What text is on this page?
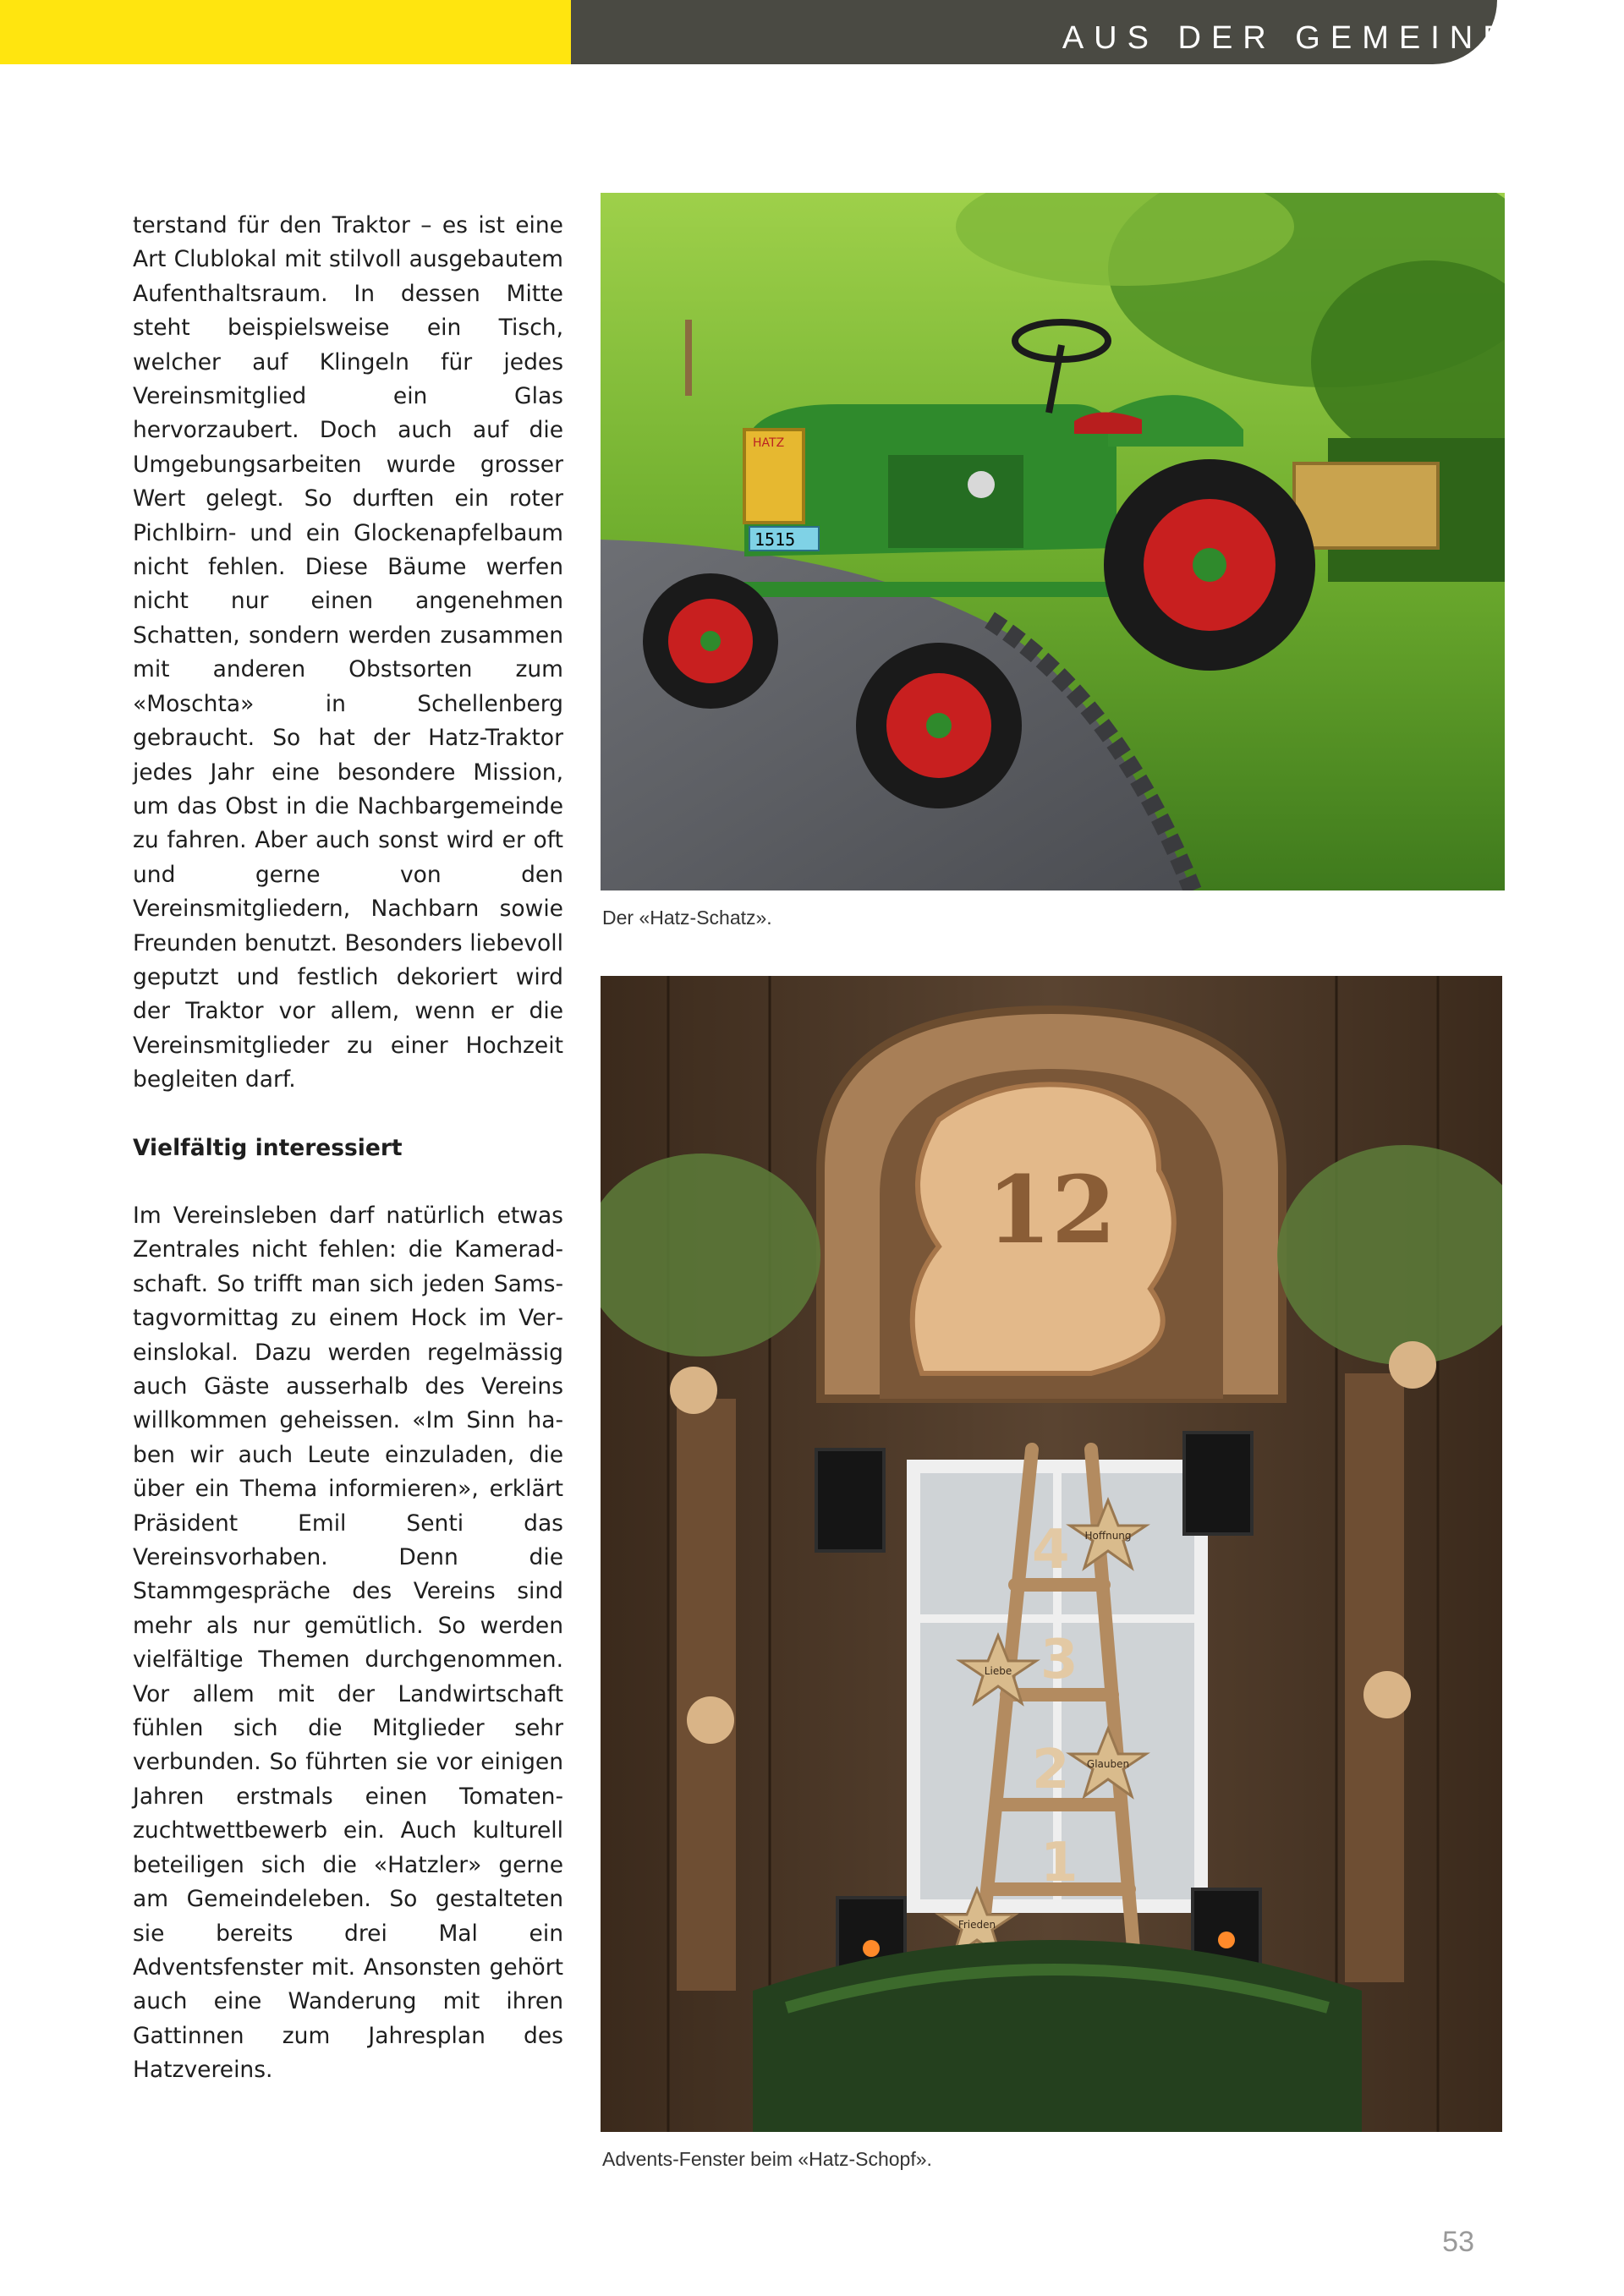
AUS DER GEMEINDE

terstand für den Traktor – es ist eine Art Clublokal mit stilvoll ausgebautem Aufenthaltsraum. In dessen Mitte steht beispielsweise ein Tisch, welcher auf Klingeln für jedes Vereinsmitglied ein Glas hervorzaubert. Doch auch auf die Umgebungsarbeiten wurde grosser Wert gelegt. So durften ein roter Pichlbirn- und ein Glockenapfelbaum nicht fehlen. Diese Bäume werfen nicht nur einen angenehmen Schatten, sondern werden zusammen mit anderen Obstsorten zum «Moschta» in Schellenberg gebraucht. So hat der Hatz-Traktor jedes Jahr eine besondere Mission, um das Obst in die Nachbargemeinde zu fahren. Aber auch sonst wird er oft und gerne von den Vereinsmitgliedern, Nachbarn sowie Freunden benutzt. Besonders liebevoll geputzt und festlich dekoriert wird der Traktor vor allem, wenn er die Vereinsmitglieder zu einer Hochzeit begleiten darf.

Vielfältig interessiert

Im Vereinsleben darf natürlich etwas Zentrales nicht fehlen: die Kameradschaft. So trifft man sich jeden Samstagvormittag zu einem Hock im Vereinslokal. Dazu werden regelmässig auch Gäste ausserhalb des Vereins willkommen geheissen. «Im Sinn haben wir auch Leute einzuladen, die über ein Thema informieren», erklärt Präsident Emil Senti das Vereinsvorhaben. Denn die Stammgespräche des Vereins sind mehr als nur gemütlich. So werden vielfältige Themen durchgenommen. Vor allem mit der Landwirtschaft fühlen sich die Mitglieder sehr verbunden. So führten sie vor einigen Jahren erstmals einen Tomatenzuchtwettbewerb ein. Auch kulturell beteiligen sich die «Hatzler» gerne am Gemeindeleben. So gestalteten sie bereits drei Mal ein Adventsfenster mit. Ansonsten gehört auch eine Wanderung mit ihren Gattinnen zum Jahresplan des Hatzvereins.

1515
HATZ
Der «Hatz-Schatz».
12
4
3
2
1
Hoffnung
Liebe
Glauben
Frieden
Advents-Fenster beim «Hatz-Schopf».
53
